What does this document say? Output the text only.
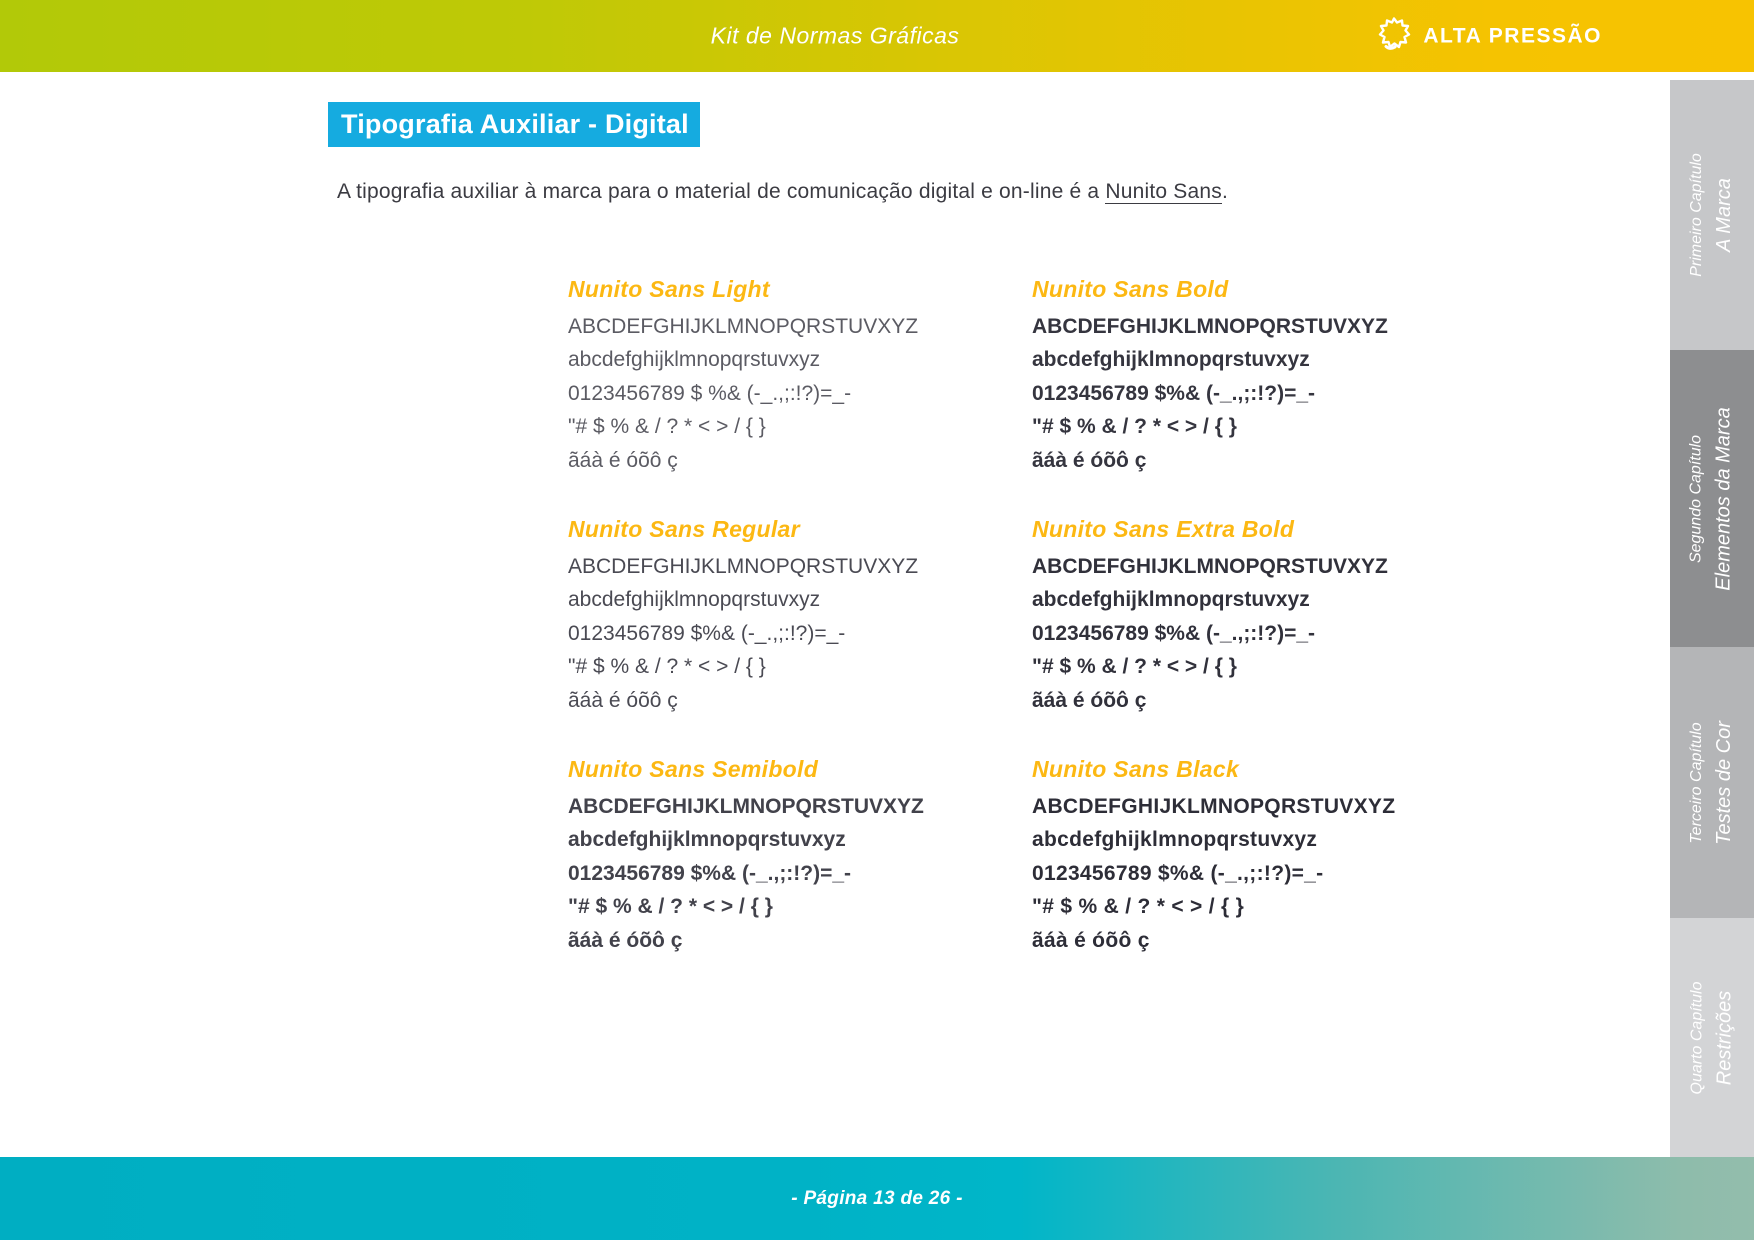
Kit de Normas Gráficas	ALTA PRESSÃO
Tipografia Auxiliar - Digital

A tipografia auxiliar à marca para o material de comunicação digital e on-line é a Nunito Sans.

Nunito Sans Light
ABCDEFGHIJKLMNOPQRSTUVXYZ
abcdefghijklmnopqrstuvxyz
0123456789 $ %& (-_.,;:!?)=_-
"# $ % & / ? * < > / { }
ãáà é óõô ç
Nunito Sans Bold
ABCDEFGHIJKLMNOPQRSTUVXYZ
abcdefghijklmnopqrstuvxyz
0123456789 $%& (-_.,;:!?)=_-
"# $ % & / ? * < > / { }
ãáà é óõô ç
Nunito Sans Regular
ABCDEFGHIJKLMNOPQRSTUVXYZ
abcdefghijklmnopqrstuvxyz
0123456789 $%& (-_.,;:!?)=_-
"# $ % & / ? * < > / { }
ãáà é óõô ç
Nunito Sans Extra Bold
ABCDEFGHIJKLMNOPQRSTUVXYZ
abcdefghijklmnopqrstuvxyz
0123456789 $%& (-_.,;:!?)=_-
"# $ % & / ? * < > / { }
ãáà é óõô ç
Nunito Sans Semibold
ABCDEFGHIJKLMNOPQRSTUVXYZ
abcdefghijklmnopqrstuvxyz
0123456789 $%& (-_.,;:!?)=_-
"# $ % & / ? * < > / { }
ãáà é óõô ç
Nunito Sans Black
ABCDEFGHIJKLMNOPQRSTUVXYZ
abcdefghijklmnopqrstuvxyz
0123456789 $%& (-_.,;:!?)=_-
"# $ % & / ? * < > / { }
ãáà é óõô ç
Primeiro Capítulo A Marca
Segundo Capítulo Elementos da Marca
Terceiro Capítulo Testes de Cor
Quarto Capítulo Restrições
- Página 13 de 26 -
